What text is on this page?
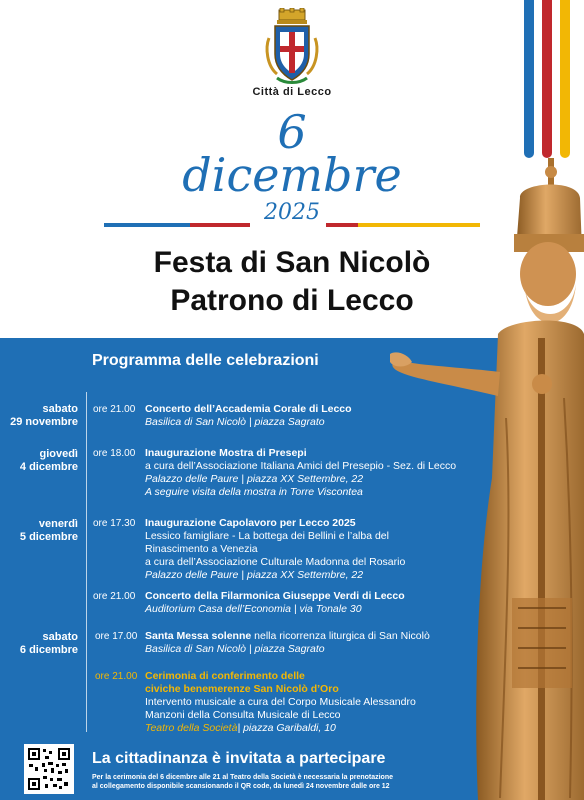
Città di Lecco
6
dicembre
2025
Festa di San Nicolò
Patrono di Lecco
Programma delle celebrazioni
sabato
29 novembre
ore 21.00 Concerto dell’Accademia Corale di Lecco
Basilica di San Nicolò | piazza Sagrato
giovedì
4 dicembre
ore 18.00 Inaugurazione Mostra di Presepi
a cura dell’Associazione Italiana Amici del Presepio - Sez. di Lecco
Palazzo delle Paure | piazza XX Settembre, 22
A seguire visita della mostra in Torre Viscontea
venerdì
5 dicembre
ore 17.30 Inaugurazione Capolavoro per Lecco 2025
Lessico famigliare - La bottega dei Bellini e l’alba del
Rinascimento a Venezia
a cura dell’Associazione Culturale Madonna del Rosario
Palazzo delle Paure | piazza XX Settembre, 22
ore 21.00 Concerto della Filarmonica Giuseppe Verdi di Lecco
Auditorium Casa dell’Economia | via Tonale 30
sabato
6 dicembre
ore 17.00 Santa Messa solenne nella ricorrenza liturgica di San Nicolò
Basilica di San Nicolò | piazza Sagrato
ore 21.00 Cerimonia di conferimento delle
civiche benemerenze San Nicolò d’Oro
Intervento musicale a cura del Corpo Musicale Alessandro
Manzoni della Consulta Musicale di Lecco
Teatro della Società| piazza Garibaldi, 10
La cittadinanza è invitata a partecipare
Per la cerimonia del 6 dicembre alle 21 al Teatro della Società è necessaria la prenotazione
al collegamento disponibile scansionando il QR code, da lunedì 24 novembre dalle ore 12
